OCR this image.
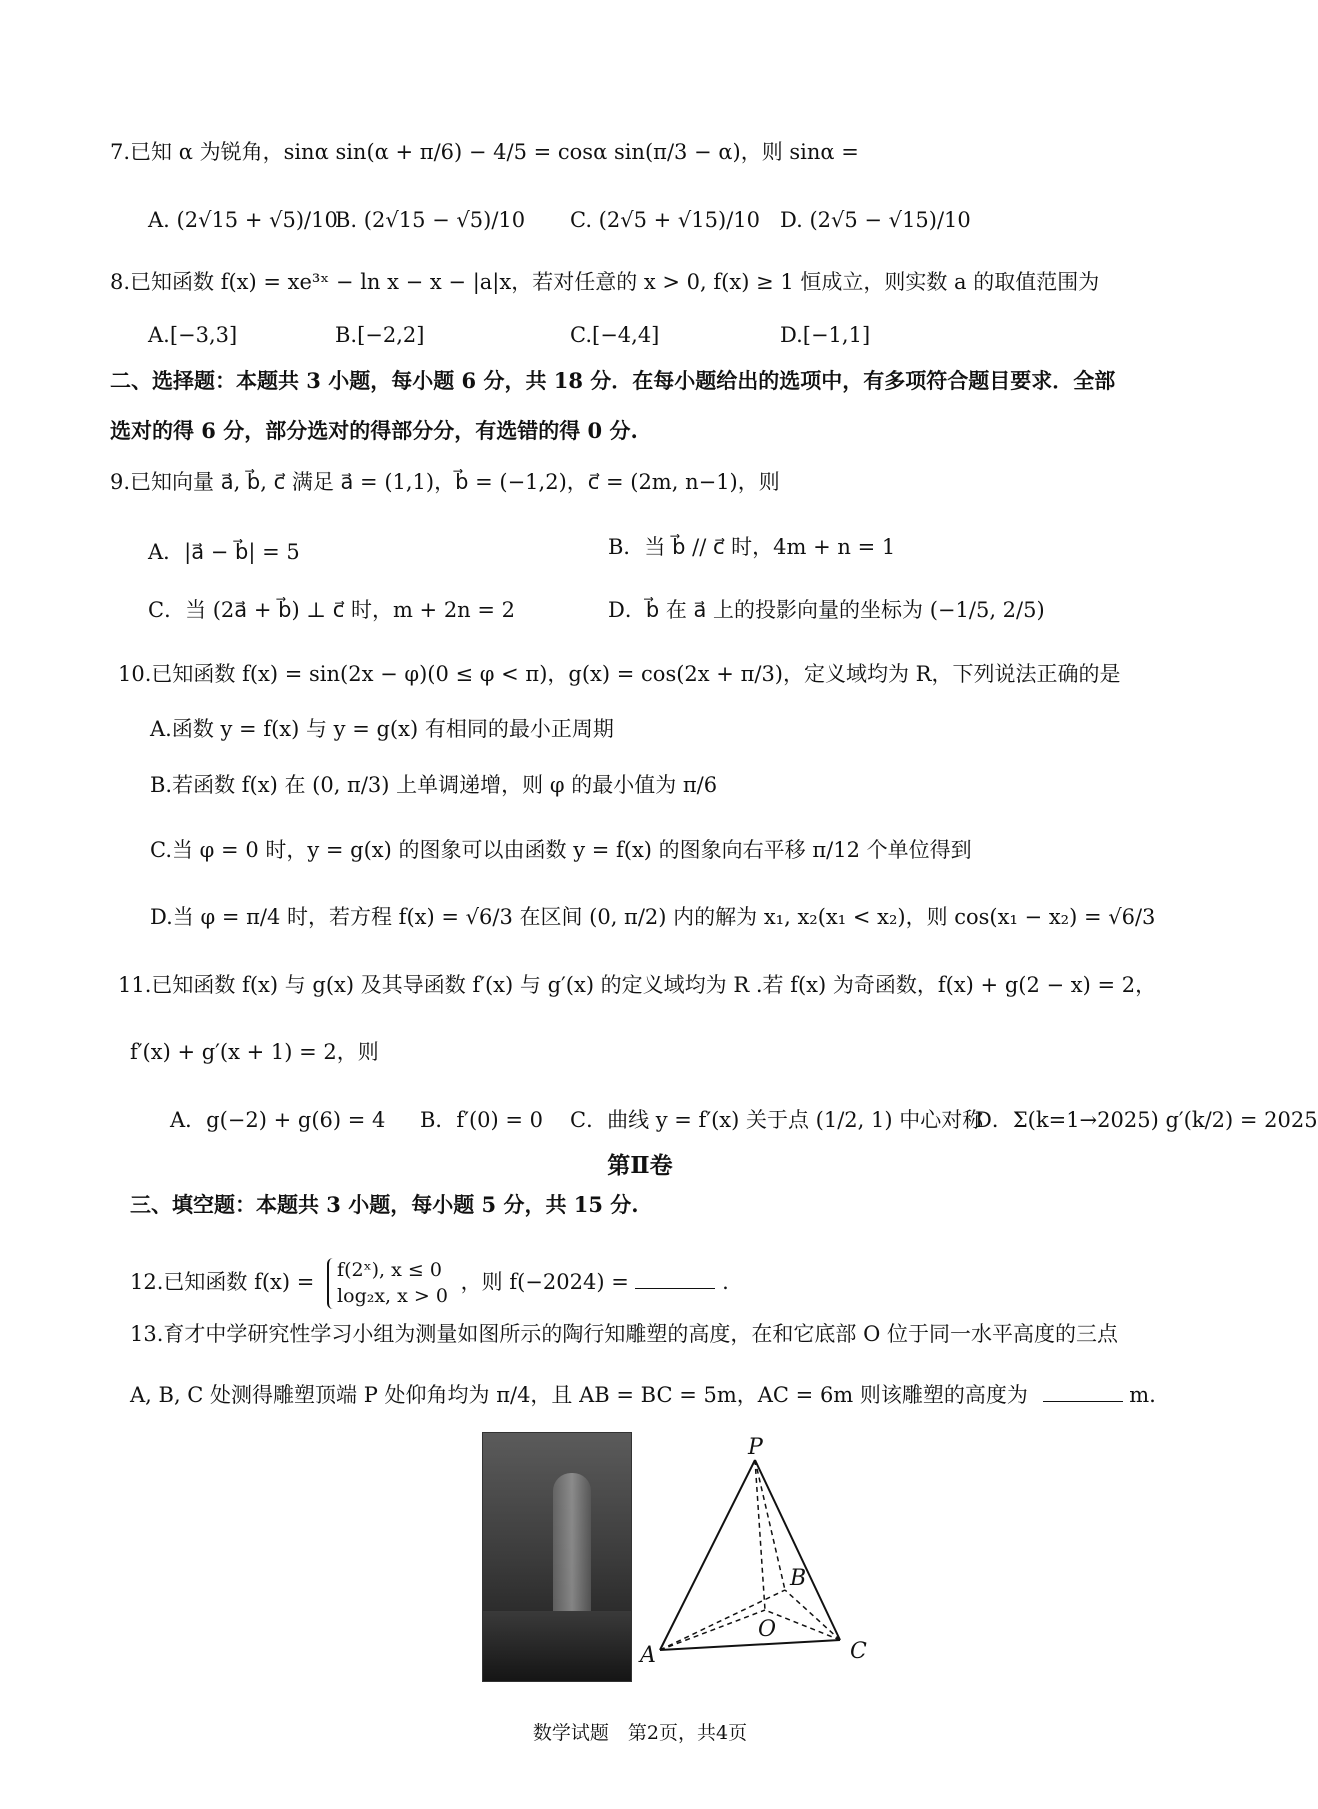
7.已知 α 为锐角，sinα sin(α + π/6) − 4/5 = cosα sin(π/3 − α)，则 sinα =
A. (2√15 + √5)/10
B. (2√15 − √5)/10 C. (2√5 + √15)/10 D. (2√5 − √15)/10
8.已知函数 f(x) = xe³ˣ − ln x − x − |a|x，若对任意的 x > 0, f(x) ≥ 1 恒成立，则实数 a 的取值范围为
A.[−3,3]	B.[−2,2]	C.[−4,4]	D.[−1,1]
二、选择题：本题共 3 小题，每小题 6 分，共 18 分．在每小题给出的选项中，有多项符合题目要求．全部
选对的得 6 分，部分选对的得部分分，有选错的得 0 分.
9.已知向量 a⃗, b⃗, c⃗ 满足 a⃗ = (1,1)，b⃗ = (−1,2)，c⃗ = (2m, n−1)，则
A．|a⃗ − b⃗| = 5	B．当 b⃗ // c⃗ 时，4m + n = 1
C．当 (2a⃗ + b⃗) ⊥ c⃗ 时，m + 2n = 2	D．b⃗ 在 a⃗ 上的投影向量的坐标为 (−1/5, 2/5)
10.已知函数 f(x) = sin(2x − φ)(0 ≤ φ < π)，g(x) = cos(2x + π/3)，定义域均为 R，下列说法正确的是
A.函数 y = f(x) 与 y = g(x) 有相同的最小正周期
B.若函数 f(x) 在 (0, π/3) 上单调递增，则 φ 的最小值为 π/6
C.当 φ = 0 时，y = g(x) 的图象可以由函数 y = f(x) 的图象向右平移 π/12 个单位得到
D.当 φ = π/4 时，若方程 f(x) = √6/3 在区间 (0, π/2) 内的解为 x₁, x₂(x₁ < x₂)，则 cos(x₁ − x₂) = √6/3
11.已知函数 f(x) 与 g(x) 及其导函数 f′(x) 与 g′(x) 的定义域均为 R .若 f(x) 为奇函数，f(x) + g(2 − x) = 2，
f′(x) + g′(x + 1) = 2，则
A．g(−2) + g(6) = 4 B．f′(0) = 0 C．曲线 y = f′(x) 关于点 (1/2, 1) 中心对称
D．Σ(k=1→2025) g′(k/2) = 2025
第Ⅱ卷
三、填空题：本题共 3 小题，每小题 5 分，共 15 分.
12.已知函数 f(x) =
f(2ˣ), x ≤ 0
log₂x, x > 0
，则 f(−2024) =	.
13.育才中学研究性学习小组为测量如图所示的陶行知雕塑的高度，在和它底部 O 位于同一水平高度的三点
A, B, C 处测得雕塑顶端 P 处仰角均为 π/4，且 AB = BC = 5m，AC = 6m 则该雕塑的高度为	m．
P
A
B
C
O
数学试题　第2页，共4页
